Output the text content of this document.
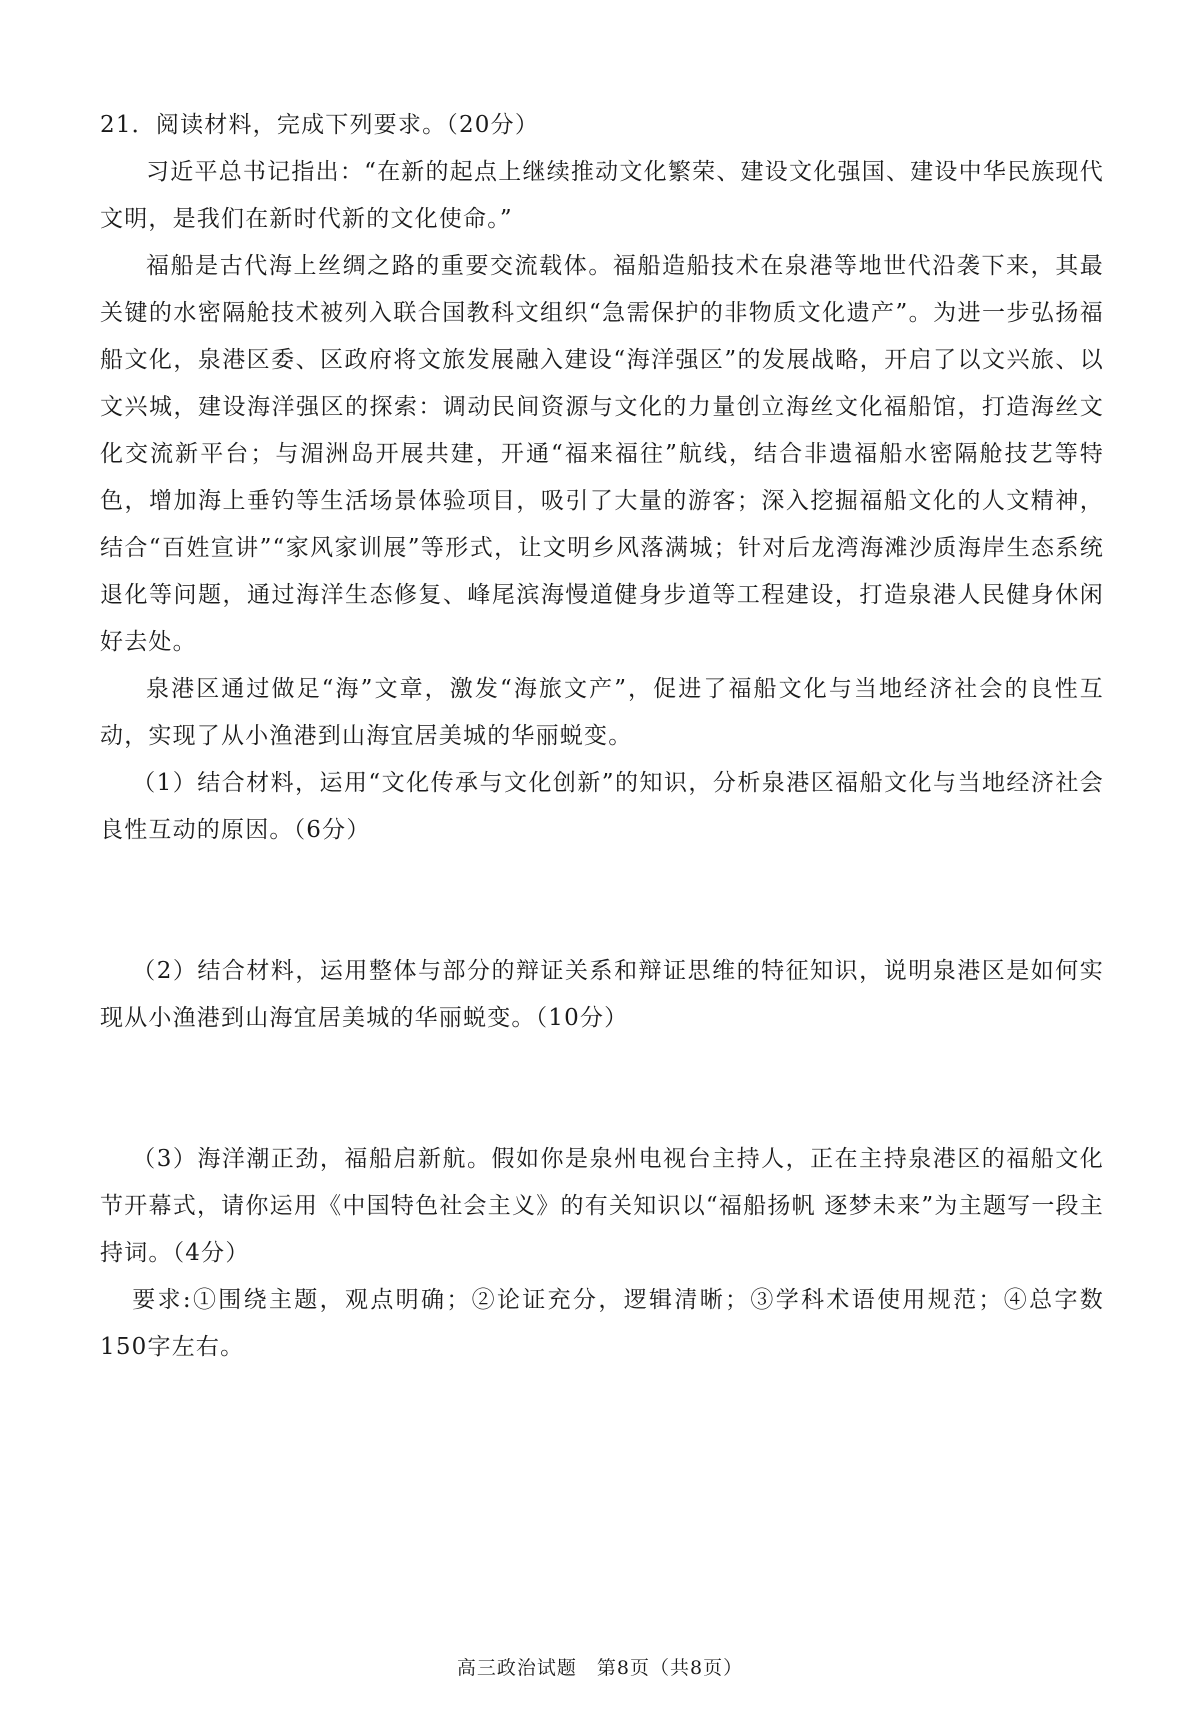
21．阅读材料，完成下列要求。（20分）

习近平总书记指出：“在新的起点上继续推动文化繁荣、建设文化强国、建设中华民族现代文明，是我们在新时代新的文化使命。”

福船是古代海上丝绸之路的重要交流载体。福船造船技术在泉港等地世代沿袭下来，其最关键的水密隔舱技术被列入联合国教科文组织“急需保护的非物质文化遗产”。为进一步弘扬福船文化，泉港区委、区政府将文旅发展融入建设“海洋强区”的发展战略，开启了以文兴旅、以文兴城，建设海洋强区的探索：调动民间资源与文化的力量创立海丝文化福船馆，打造海丝文化交流新平台；与湄洲岛开展共建，开通“福来福往”航线，结合非遗福船水密隔舱技艺等特色，增加海上垂钓等生活场景体验项目，吸引了大量的游客；深入挖掘福船文化的人文精神，结合“百姓宣讲”“家风家训展”等形式，让文明乡风落满城；针对后龙湾海滩沙质海岸生态系统退化等问题，通过海洋生态修复、峰尾滨海慢道健身步道等工程建设，打造泉港人民健身休闲好去处。

泉港区通过做足“海”文章，激发“海旅文产”，促进了福船文化与当地经济社会的良性互动，实现了从小渔港到山海宜居美城的华丽蜕变。

（1）结合材料，运用“文化传承与文化创新”的知识，分析泉港区福船文化与当地经济社会良性互动的原因。（6分）

（2）结合材料，运用整体与部分的辩证关系和辩证思维的特征知识，说明泉港区是如何实现从小渔港到山海宜居美城的华丽蜕变。（10分）

（3）海洋潮正劲，福船启新航。假如你是泉州电视台主持人，正在主持泉港区的福船文化节开幕式，请你运用《中国特色社会主义》的有关知识以“福船扬帆 逐梦未来”为主题写一段主持词。（4分）

要求:①围绕主题，观点明确；②论证充分，逻辑清晰；③学科术语使用规范；④总字数150字左右。

高三政治试题　第8页（共8页）
